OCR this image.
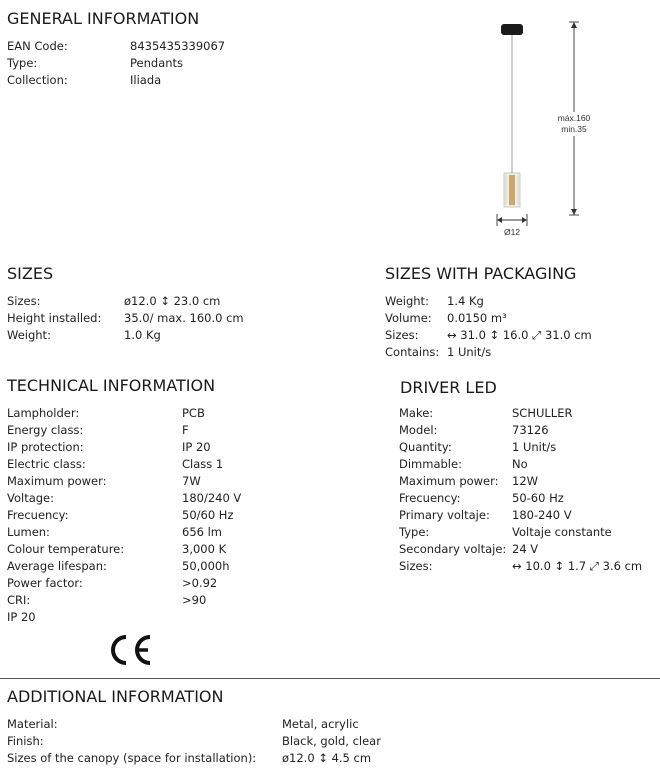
GENERAL INFORMATION
EAN Code:	8435435339067
Type:	Pendants
Collection:	Iliada
máx.160
min.35
Ø12
SIZES
Sizes:	ø12.0 ↕ 23.0 cm
Height installed: 35.0/ max. 160.0 cm
Weight:	1.0 Kg
SIZES WITH PACKAGING
Weight: 1.4 Kg
Volume: 0.0150 m³
Sizes: ↔ 31.0 ↕ 16.0 ⤢ 31.0 cm
Contains: 1 Unit/s
TECHNICAL INFORMATION
Lampholder:	PCB
Energy class:	F
IP protection:	IP 20
Electric class:	Class 1
Maximum power:	7W
Voltage:	180/240 V
Frecuency:	50/60 Hz
Lumen:	656 lm
Colour temperature:	3,000 K
Average lifespan:	50,000h
Power factor:	>0.92
CRI:	>90
IP 20
DRIVER LED
Make:	SCHULLER
Model:	73126
Quantity:	1 Unit/s
Dimmable:	No
Maximum power: 12W
Frecuency:	50-60 Hz
Primary voltaje: 180-240 V
Type:	Voltaje constante
Secondary voltaje: 24 V
Sizes:	↔ 10.0 ↕ 1.7 ⤢ 3.6 cm
ADDITIONAL INFORMATION
Material:	Metal, acrylic
Finish:	Black, gold, clear
Sizes of the canopy (space for installation): ø12.0 ↕ 4.5 cm
